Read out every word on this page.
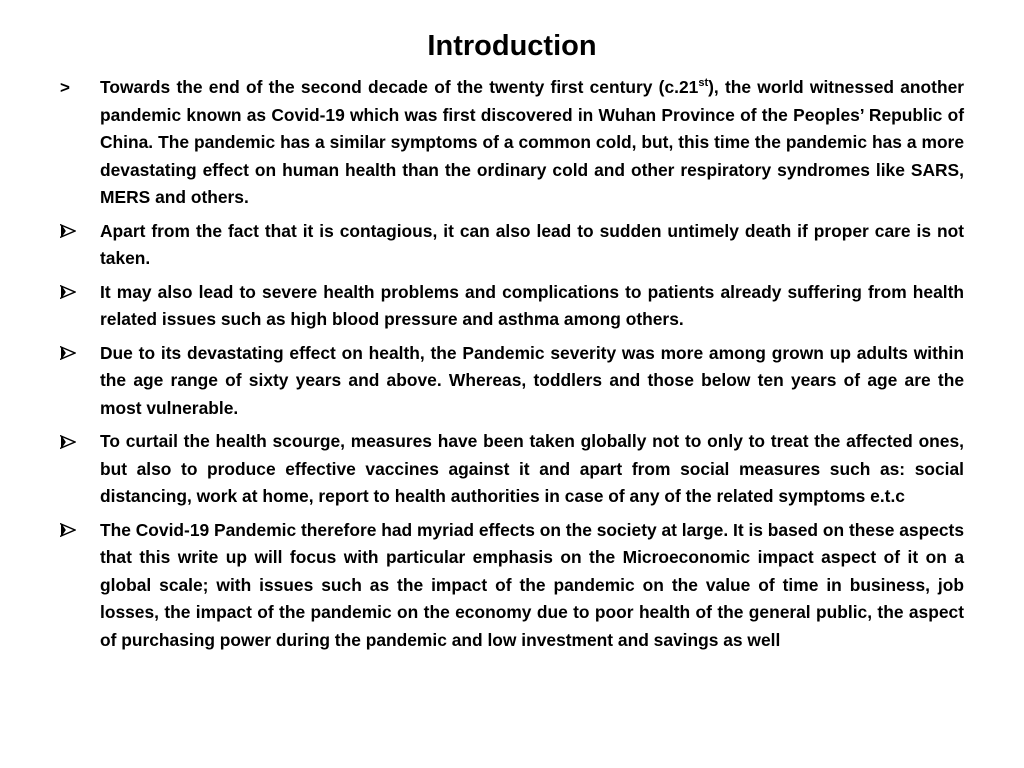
Introduction
>	Towards the end of the second decade of the twenty first century (c.21st), the world witnessed another pandemic known as Covid-19 which was first discovered in Wuhan Province of the Peoples’ Republic of China. The pandemic has a similar symptoms of a common cold, but, this time the pandemic has a more devastating effect on human health than the ordinary cold and other respiratory syndromes like SARS, MERS and others.
Apart from the fact that it is contagious, it can also lead to sudden untimely death if proper care is not taken.
It may also lead to severe health problems and complications to patients already suffering from health related issues such as high blood pressure and asthma among others.
Due to its devastating effect on health, the Pandemic severity was more among grown up adults within the age range of sixty years and above. Whereas, toddlers and those below ten years of age are the most vulnerable.
To curtail the health scourge, measures have been taken globally not to only to treat the affected ones, but also to produce effective vaccines against it and apart from social measures such as: social distancing, work at home, report to health authorities in case of any of the related symptoms e.t.c
The Covid-19 Pandemic therefore had myriad effects on the society at large. It is based on these aspects that this write up will focus with particular emphasis on the Microeconomic impact aspect of it on a global scale; with issues such as the impact of the pandemic on the value of time in business, job losses, the impact of the pandemic on the economy due to poor health of the general public, the aspect of purchasing power during the pandemic and low investment and savings as well
